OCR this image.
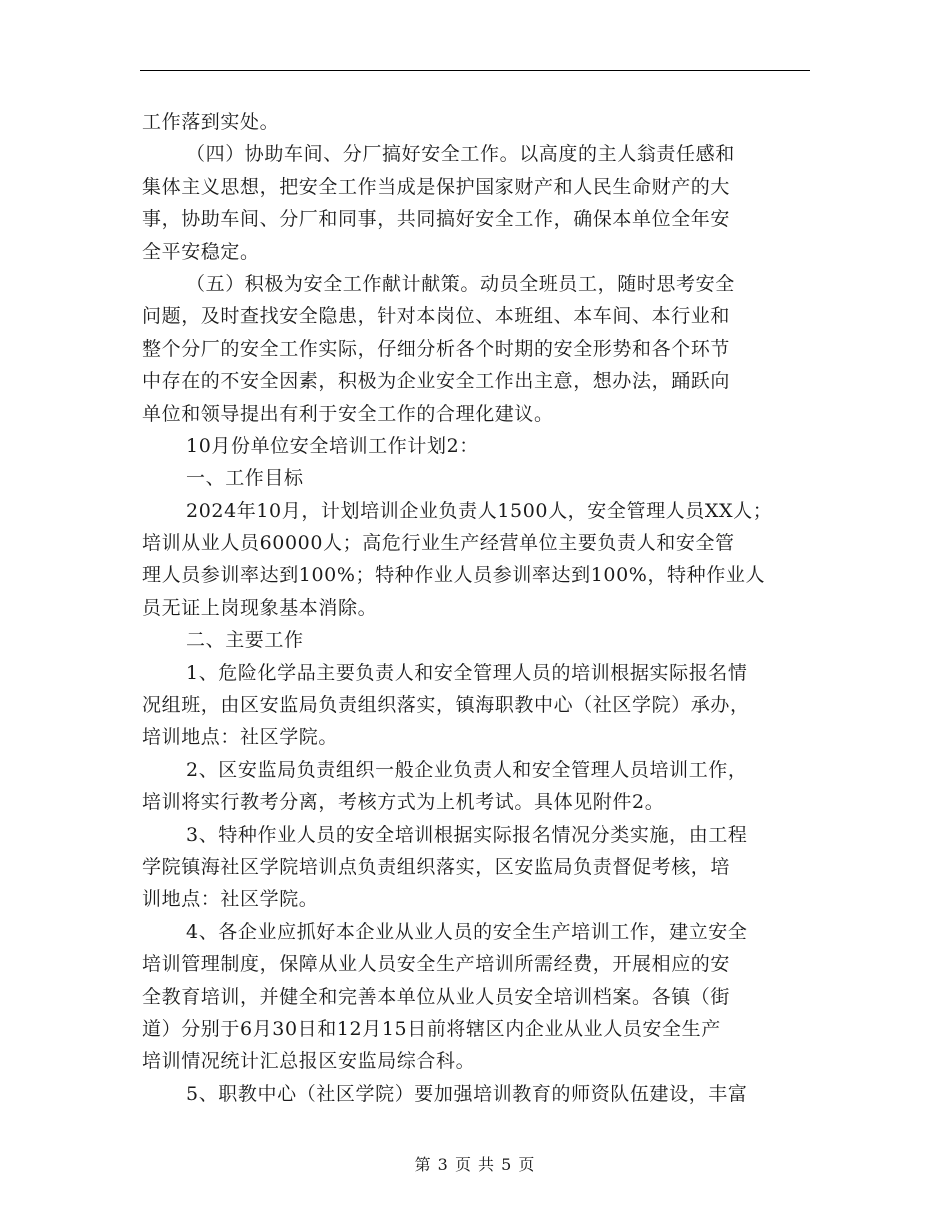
工作落到实处。
（四）协助车间、分厂搞好安全工作。以高度的主人翁责任感和
集体主义思想，把安全工作当成是保护国家财产和人民生命财产的大
事，协助车间、分厂和同事，共同搞好安全工作，确保本单位全年安
全平安稳定。
（五）积极为安全工作献计献策。动员全班员工，随时思考安全
问题，及时查找安全隐患，针对本岗位、本班组、本车间、本行业和
整个分厂的安全工作实际，仔细分析各个时期的安全形势和各个环节
中存在的不安全因素，积极为企业安全工作出主意，想办法，踊跃向
单位和领导提出有利于安全工作的合理化建议。
10月份单位安全培训工作计划2：
一、工作目标
2024年10月，计划培训企业负责人1500人，安全管理人员XX人；
培训从业人员60000人；高危行业生产经营单位主要负责人和安全管
理人员参训率达到100%；特种作业人员参训率达到100%，特种作业人
员无证上岗现象基本消除。
二、主要工作
1、危险化学品主要负责人和安全管理人员的培训根据实际报名情
况组班，由区安监局负责组织落实，镇海职教中心（社区学院）承办，
培训地点：社区学院。
2、区安监局负责组织一般企业负责人和安全管理人员培训工作，
培训将实行教考分离，考核方式为上机考试。具体见附件2。
3、特种作业人员的安全培训根据实际报名情况分类实施，由工程
学院镇海社区学院培训点负责组织落实，区安监局负责督促考核，培
训地点：社区学院。
4、各企业应抓好本企业从业人员的安全生产培训工作，建立安全
培训管理制度，保障从业人员安全生产培训所需经费，开展相应的安
全教育培训，并健全和完善本单位从业人员安全培训档案。各镇（街
道）分别于6月30日和12月15日前将辖区内企业从业人员安全生产
培训情况统计汇总报区安监局综合科。
5、职教中心（社区学院）要加强培训教育的师资队伍建设，丰富
第 3 页 共 5 页
